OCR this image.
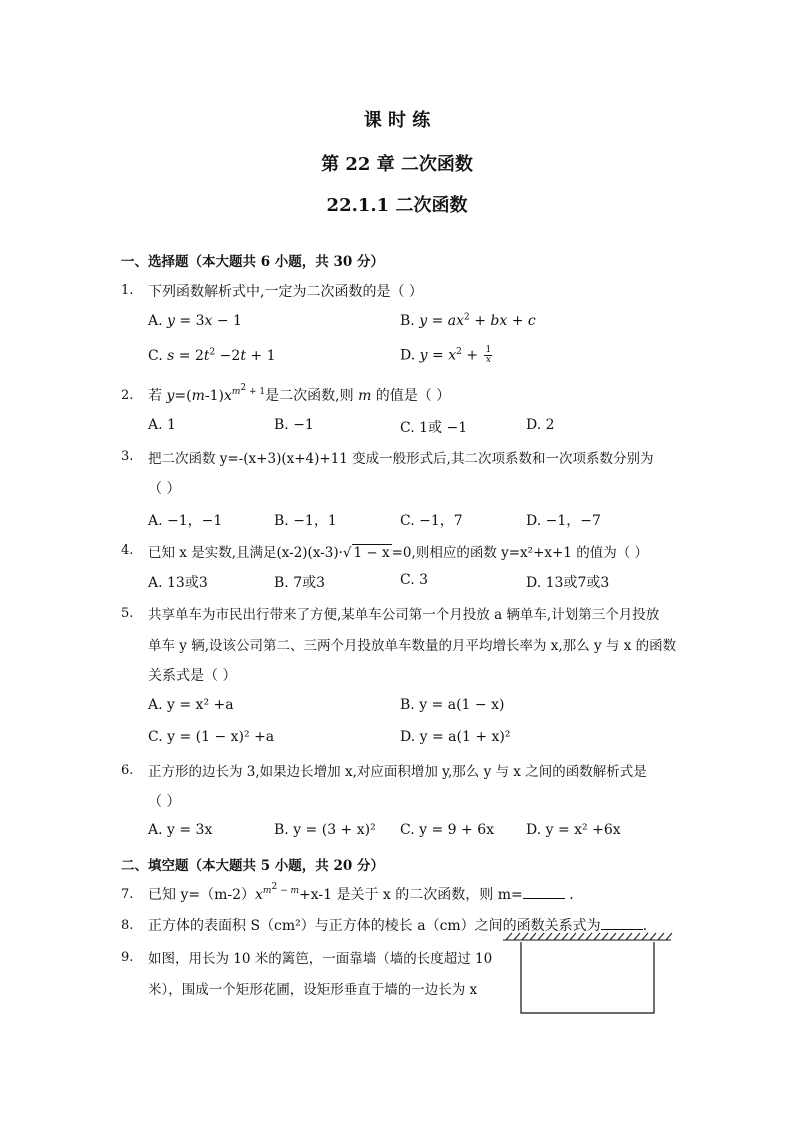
课 时 练
第 22 章 二次函数
22.1.1 二次函数
一、选择题（本大题共 6 小题，共 30 分）
1. 下列函数解析式中,一定为二次函数的是（ ）
A. y = 3x − 1	B. $y = ax^2$ + bx + c
C. $s = 2t^2 -2t + 1$	D. $y = x^2 + \frac{1}{x}$
2. 若 $y=(m-1)x^{m^2 + 1}$是二次函数,则 m 的值是（ ）
A. 1	B. −1	C. 1或 −1	D. 2
3. 把二次函数 y=-(x+3)(x+4)+11 变成一般形式后,其二次项系数和一次项系数分别为
（ ）
A. −1，−1	B. −1，1	C. −1，7	D. −1，−7
4. 已知 x 是实数,且满足(x-2)(x-3)·√ 1 − x =0,则相应的函数 y=x²+x+1 的值为（ ）
A. 13或3	B. 7或3	C. 3	D. 13或7或3
5. 共享单车为市民出行带来了方便,某单车公司第一个月投放 a 辆单车,计划第三个月投放
单车 y 辆,设该公司第二、三两个月投放单车数量的月平均增长率为 x,那么 y 与 x 的函数
关系式是（ ）
A. y = x² +a	B. y = a(1 − x)
C. y = (1 − x)² +a	D. y = a(1 + x)²
6. 正方形的边长为 3,如果边长增加 x,对应面积增加 y,那么 y 与 x 之间的函数解析式是
（ ）
A. y = 3x	B. y = (3 + x)² C. y = 9 + 6x D. y = x² +6x
二、填空题（本大题共 5 小题，共 20 分）
7. 已知 $y=(m-2)x^{m^2 - m}+x-1$ 是关于 x 的二次函数，则 m=	．
8. 正方体的表面积 S（cm²）与正方体的棱长 a（cm）之间的函数关系式为	．
9. 如图，用长为 10 米的篱笆，一面靠墙（墙的长度超过 10
米），围成一个矩形花圃，设矩形垂直于墙的一边长为 x
